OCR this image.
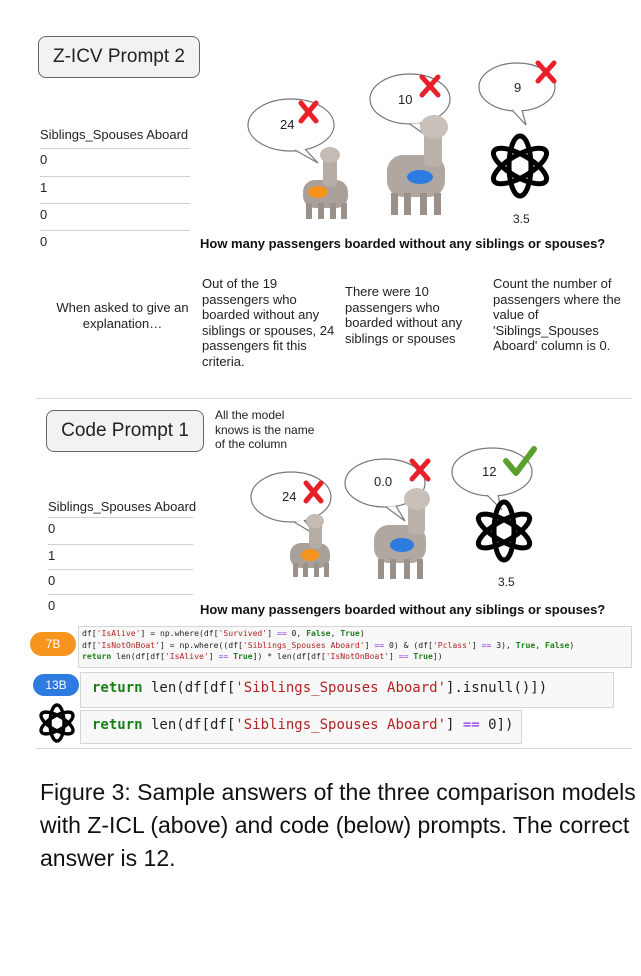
Z-ICV Prompt 2
Siblings_Spouses Aboard
0
1
0
0
24
10
9
3.5
How many passengers boarded without any siblings or spouses?
When asked to give an explanation…
Out of the 19 passengers who boarded without any siblings or spouses, 24 passengers fit this criteria.
There were 10 passengers who boarded without any siblings or spouses
Count the number of passengers where the value of 'Siblings_Spouses Aboard' column is 0.
Code Prompt 1
All the model knows is the name of the column
Siblings_Spouses Aboard
0
1
0
0
24
0.0
12
3.5
How many passengers boarded without any siblings or spouses?
7B
df['IsAlive'] = np.where(df['Survived'] == 0, False, True)
df['IsNotOnBoat'] = np.where((df['Siblings_Spouses Aboard'] == 0) & (df['Pclass'] == 3), True, False)
return len(df[df['IsAlive'] == True]) * len(df[df['IsNotOnBoat'] == True])
13B	return len(df[df['Siblings_Spouses Aboard'].isnull()])
return len(df[df['Siblings_Spouses Aboard'] == 0])
Figure 3: Sample answers of the three comparison models with Z-ICL (above) and code (below) prompts. The correct answer is 12.
